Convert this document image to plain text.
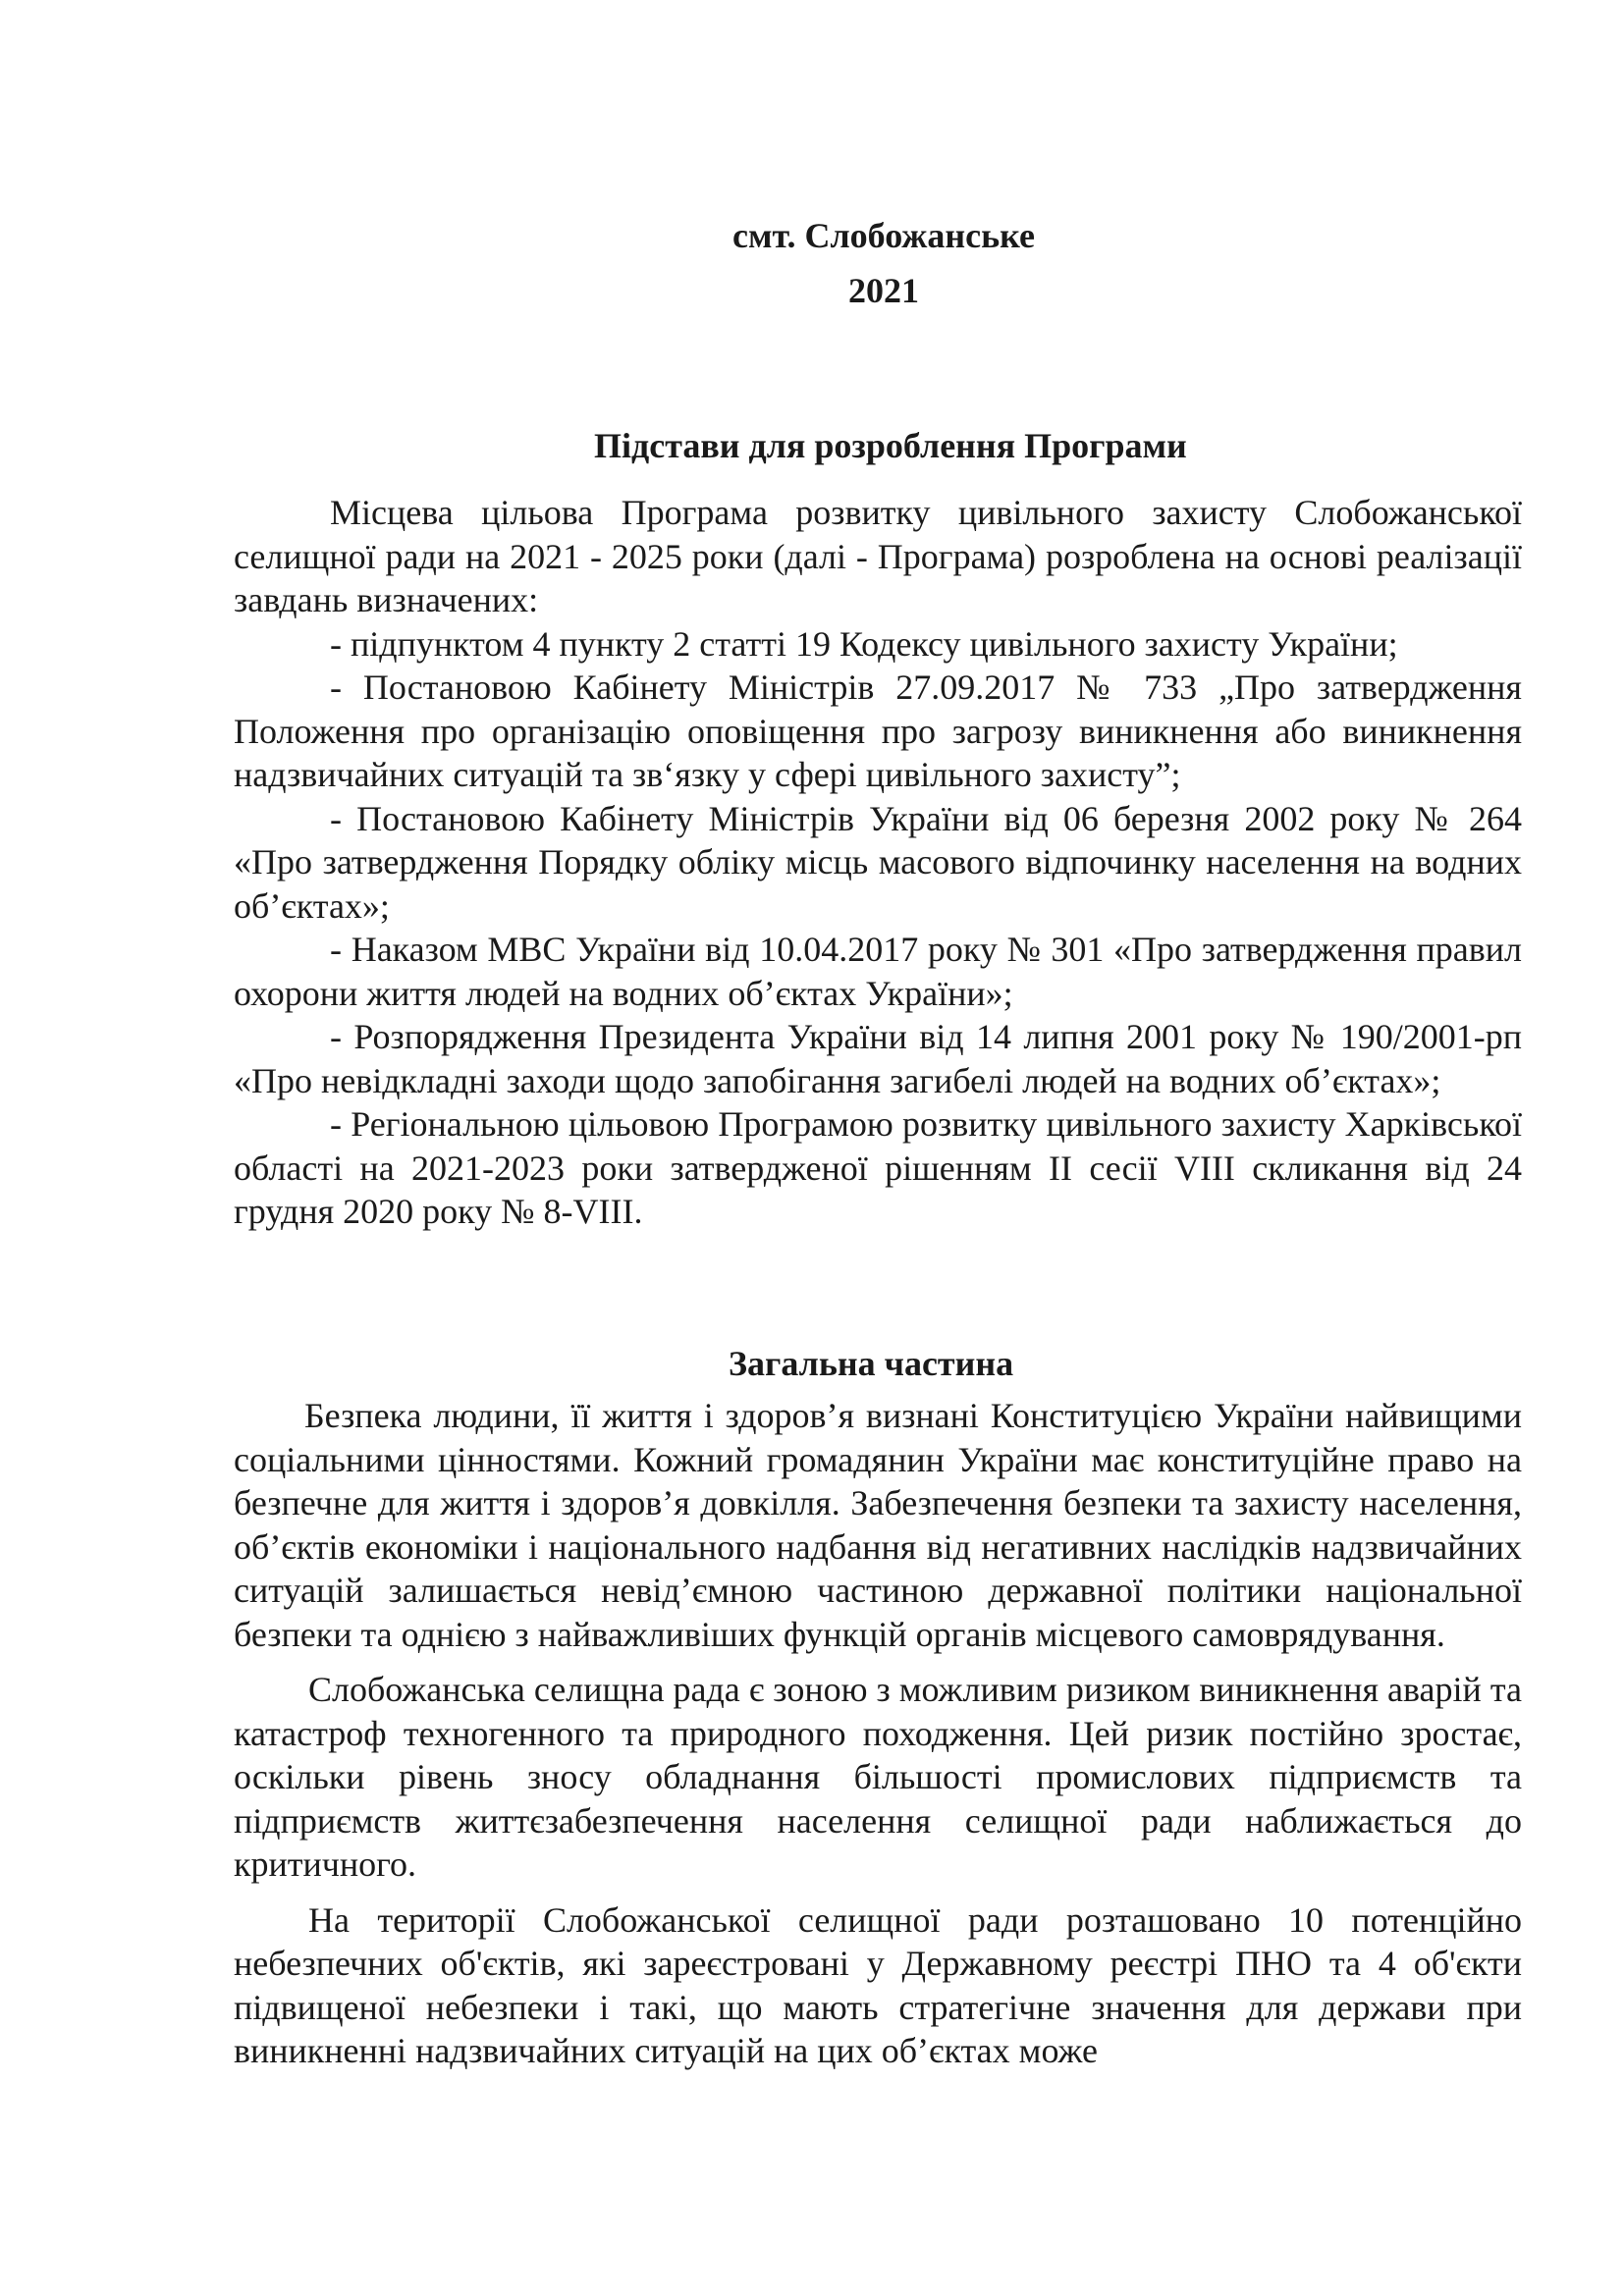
смт. Слобожанське
2021
Підстави для розроблення Програми

Місцева цільова Програма розвитку цивільного захисту Слобожанської селищної ради на 2021 - 2025 роки (далі - Програма) розроблена на основі реалізації завдань визначених:

- підпунктом 4 пункту 2 статті 19 Кодексу цивільного захисту України;

- Постановою Кабінету Міністрів 27.09.2017 № 733 „Про затвердження Положення про організацію оповіщення про загрозу виникнення або виникнення надзвичайних ситуацій та зв‘язку у сфері цивільного захисту”;

- Постановою Кабінету Міністрів України від 06 березня 2002 року № 264 «Про затвердження Порядку обліку місць масового відпочинку населення на водних об’єктах»;

- Наказом МВС України від 10.04.2017 року № 301 «Про затвердження правил охорони життя людей на водних об’єктах України»;

- Розпорядження Президента України від 14 липня 2001 року № 190/2001-рп «Про невідкладні заходи щодо запобігання загибелі людей на водних об’єктах»;

- Регіональною цільовою Програмою розвитку цивільного захисту Харківської області на 2021-2023 роки затвердженої рішенням ІІ сесії VIII скликання від 24 грудня 2020 року № 8-VIII.

Загальна частина

Безпека людини, її життя і здоров’я визнані Конституцією України найвищими соціальними цінностями. Кожний громадянин України має конституційне право на безпечне для життя і здоров’я довкілля. Забезпечення безпеки та захисту населення, об’єктів економіки і національного надбання від негативних наслідків надзвичайних ситуацій залишається невід’ємною частиною державної політики національної безпеки та однією з найважливіших функцій органів місцевого самоврядування.

Слобожанська селищна рада є зоною з можливим ризиком виникнення аварій та катастроф техногенного та природного походження. Цей ризик постійно зростає, оскільки рівень зносу обладнання більшості промислових підприємств та підприємств життєзабезпечення населення селищної ради наближається до критичного.

На території Слобожанської селищної ради розташовано 10 потенційно небезпечних об'єктів, які зареєстровані у Державному реєстрі ПНО та 4 об'єкти підвищеної небезпеки і такі, що мають стратегічне значення для держави при виникненні надзвичайних ситуацій на цих об’єктах може
